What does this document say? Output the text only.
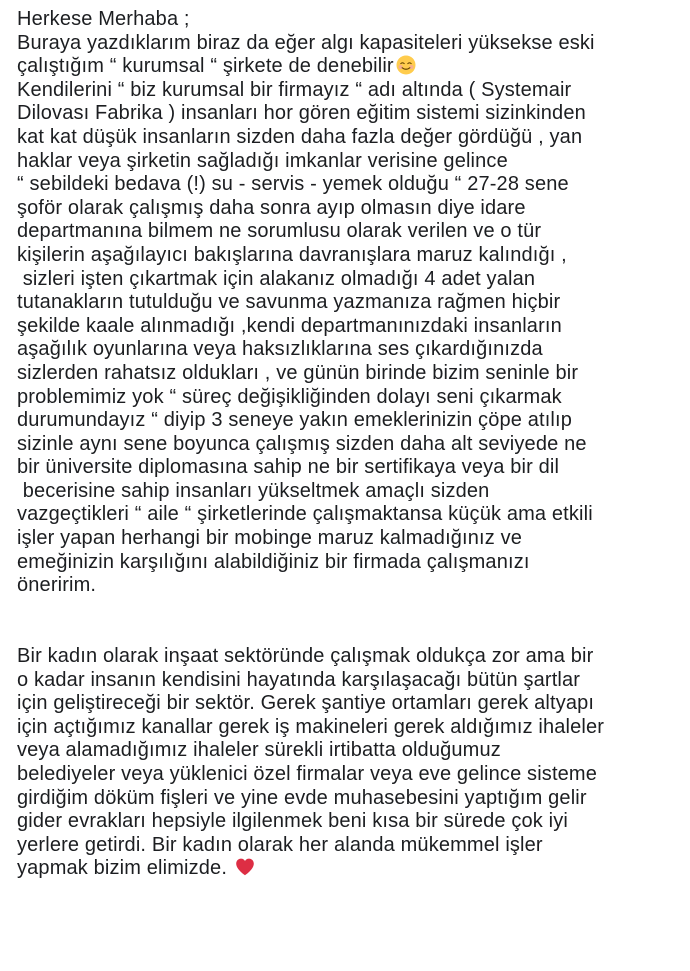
Herkese Merhaba ;
Buraya yazdıklarım biraz da eğer algı kapasiteleri yüksekse eski
çalıştığım “ kurumsal “ şirkete de denebilir
Kendilerini “ biz kurumsal bir firmayız “ adı altında ( Systemair
Dilovası Fabrika ) insanları hor gören eğitim sistemi sizinkinden
kat kat düşük insanların sizden daha fazla değer gördüğü , yan
haklar veya şirketin sağladığı imkanlar verisine gelince
“ sebildeki bedava (!) su - servis - yemek olduğu “ 27-28 sene
şoför olarak çalışmış daha sonra ayıp olmasın diye idare
departmanına bilmem ne sorumlusu olarak verilen ve o tür
kişilerin aşağılayıcı bakışlarına davranışlara maruz kalındığı ,
sizleri işten çıkartmak için alakanız olmadığı 4 adet yalan
tutanakların tutulduğu ve savunma yazmanıza rağmen hiçbir
şekilde kaale alınmadığı ,kendi departmanınızdaki insanların
aşağılık oyunlarına veya haksızlıklarına ses çıkardığınızda
sizlerden rahatsız oldukları , ve günün birinde bizim seninle bir
problemimiz yok “ süreç değişikliğinden dolayı seni çıkarmak
durumundayız “ diyip 3 seneye yakın emeklerinizin çöpe atılıp
sizinle aynı sene boyunca çalışmış sizden daha alt seviyede ne
bir üniversite diplomasına sahip ne bir sertifikaya veya bir dil
becerisine sahip insanları yükseltmek amaçlı sizden
vazgeçtikleri “ aile “ şirketlerinde çalışmaktansa küçük ama etkili
işler yapan herhangi bir mobinge maruz kalmadığınız ve
emeğinizin karşılığını alabildiğiniz bir firmada çalışmanızı
öneririm.
Bir kadın olarak inşaat sektöründe çalışmak oldukça zor ama bir
o kadar insanın kendisini hayatında karşılaşacağı bütün şartlar
için geliştireceği bir sektör. Gerek şantiye ortamları gerek altyapı
için açtığımız kanallar gerek iş makineleri gerek aldığımız ihaleler
veya alamadığımız ihaleler sürekli irtibatta olduğumuz
belediyeler veya yüklenici özel firmalar veya eve gelince sisteme
girdiğim döküm fişleri ve yine evde muhasebesini yaptığım gelir
gider evrakları hepsiyle ilgilenmek beni kısa bir sürede çok iyi
yerlere getirdi. Bir kadın olarak her alanda mükemmel işler
yapmak bizim elimizde.
